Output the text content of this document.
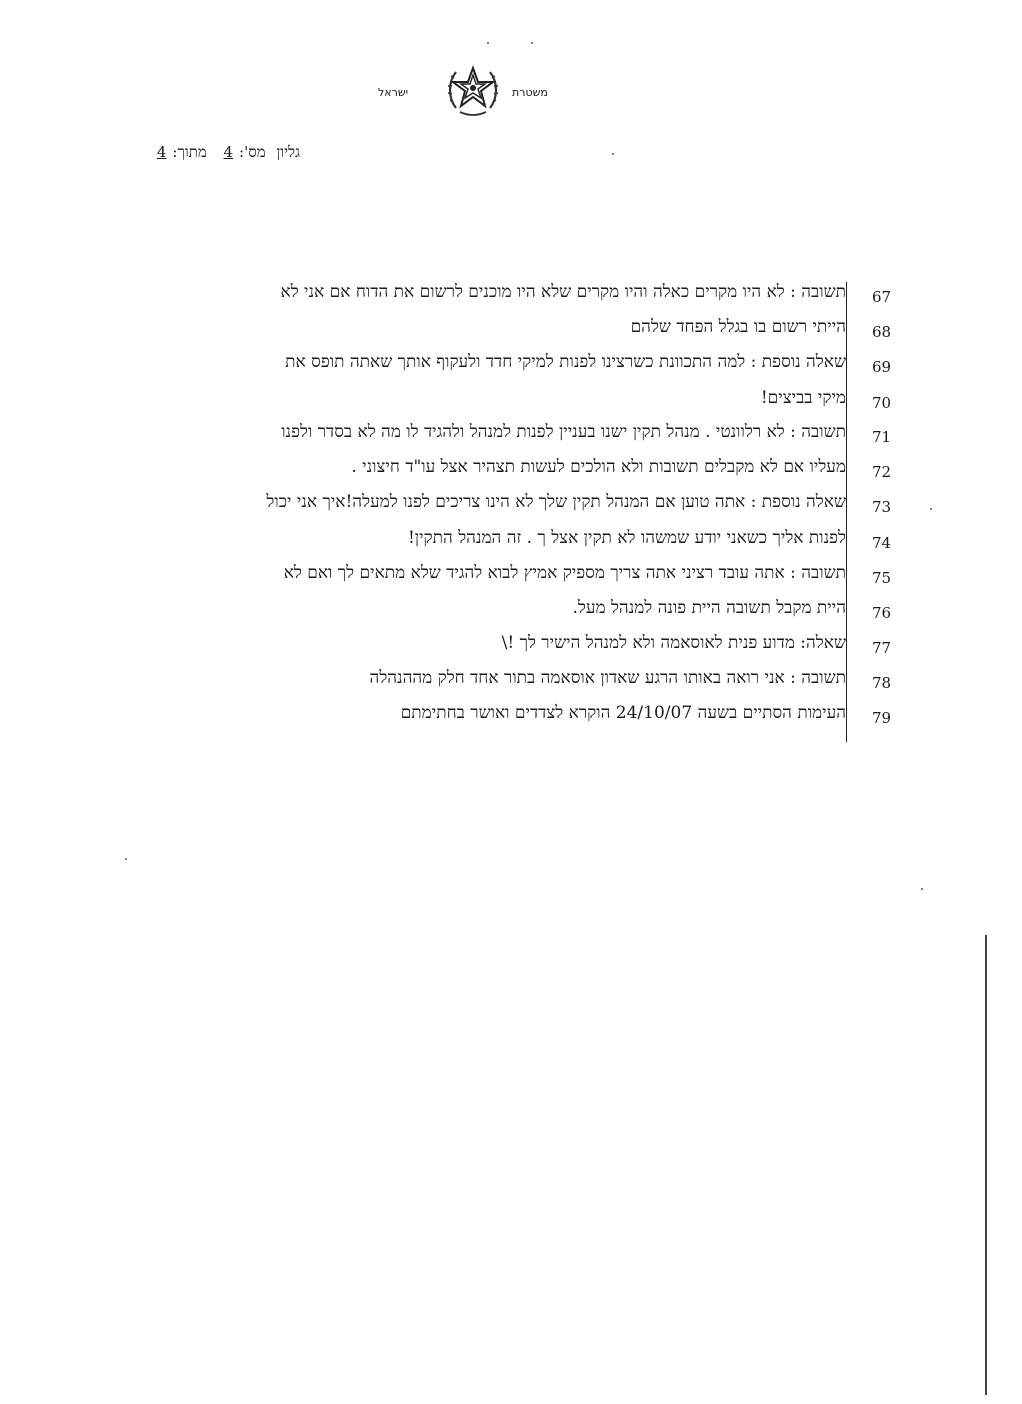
משטרת
ישראל
גליון מס':4 מתוך:4
תשובה : לא היו מקרים כאלה והיו מקרים שלא היו מוכנים לרשום את הדוח אם אני לא 67
הייתי רשום בו בגלל הפחד שלהם 68
שאלה נוספת : למה התכוונת כשרצינו לפנות למיקי חדד ולעקוף אותך שאתה תופס את 69
מיקי בביצים! 70
תשובה : לא רלוונטי . מנהל תקין ישנו בעניין לפנות למנהל ולהגיד לו מה לא בסדר ולפנו 71
מעליו אם לא מקבלים תשובות ולא הולכים לעשות תצהיר אצל עו"ד חיצוני . 72
שאלה נוספת : אתה טוען אם המנהל תקין שלך לא הינו צריכים לפנו למעלה!איך אני יכול 73
לפנות אליך כשאני יודע שמשהו לא תקין אצל ך . זה המנהל התקין! 74
תשובה : אתה עובד רציני אתה צריך מספיק אמיץ לבוא להגיד שלא מתאים לך ואם לא 75
היית מקבל תשובה היית פונה למנהל מעל. 76
שאלה: מדוע פנית לאוסאמה ולא למנהל הישיר לך !\ 77
תשובה : אני רואה באותו הרגע שאדון אוסאמה בתור אחד חלק מההנהלה 78
העימות הסתיים בשעה 24/10/07 הוקרא לצדדים ואושר בחתימתם 79
